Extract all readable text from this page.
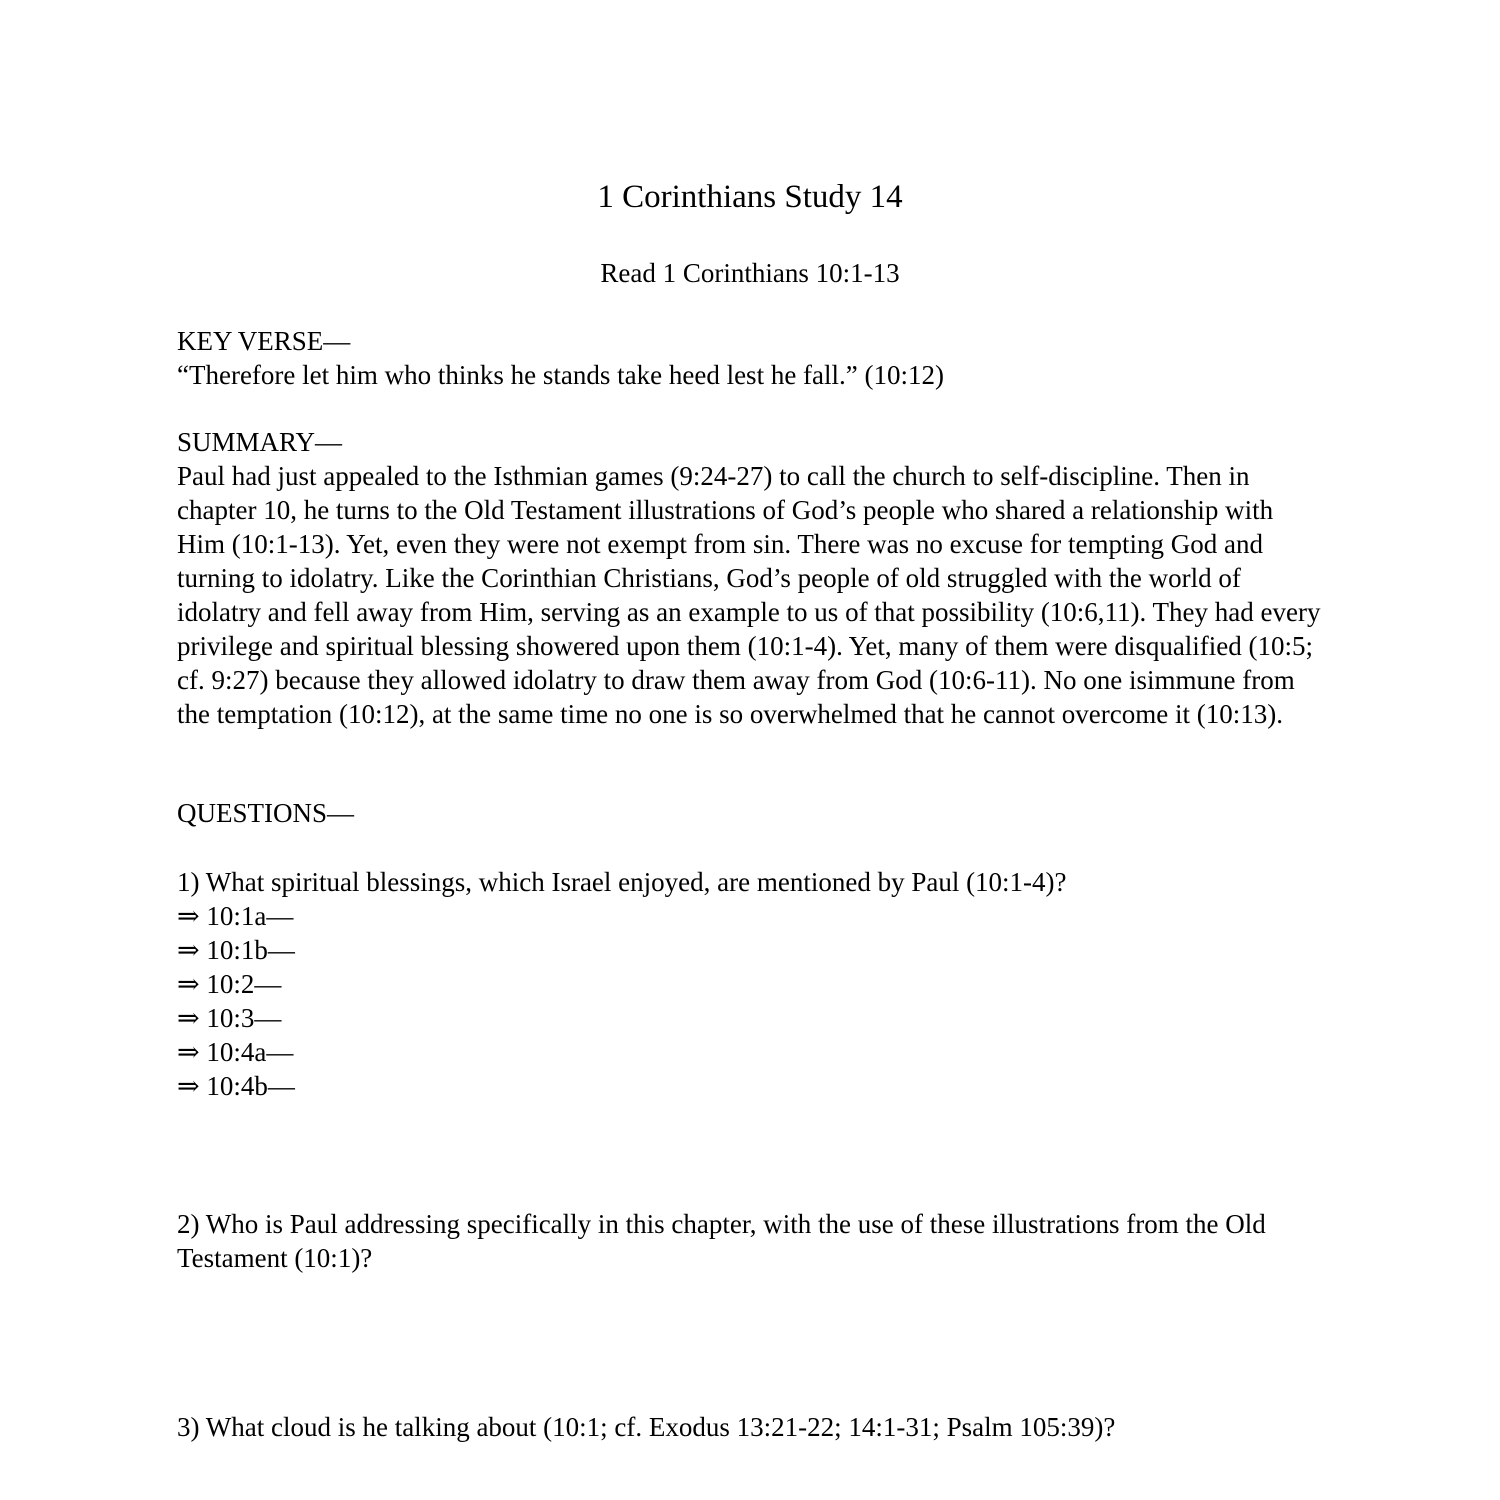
1 Corinthians Study 14
Read 1 Corinthians 10:1-13

KEY VERSE—

“Therefore let him who thinks he stands take heed lest he fall.” (10:12)

SUMMARY—

Paul had just appealed to the Isthmian games (9:24-27) to call the church to self-discipline. Then in chapter 10, he turns to the Old Testament illustrations of God’s people who shared a relationship with Him (10:1-13). Yet, even they were not exempt from sin. There was no excuse for tempting God and turning to idolatry. Like the Corinthian Christians, God’s people of old struggled with the world of idolatry and fell away from Him, serving as an example to us of that possibility (10:6,11). They had every privilege and spiritual blessing showered upon them (10:1-4). Yet, many of them were disqualified (10:5; cf. 9:27) because they allowed idolatry to draw them away from God (10:6-11). No one isimmune from the temptation (10:12), at the same time no one is so overwhelmed that he cannot overcome it (10:13).

QUESTIONS—

1) What spiritual blessings, which Israel enjoyed, are mentioned by Paul (10:1-4)?

⇒ 10:1a—

⇒ 10:1b—

⇒ 10:2—

⇒ 10:3—

⇒ 10:4a—

⇒ 10:4b—

2) Who is Paul addressing specifically in this chapter, with the use of these illustrations from the Old Testament (10:1)?

3) What cloud is he talking about (10:1; cf. Exodus 13:21-22; 14:1-31; Psalm 105:39)?
